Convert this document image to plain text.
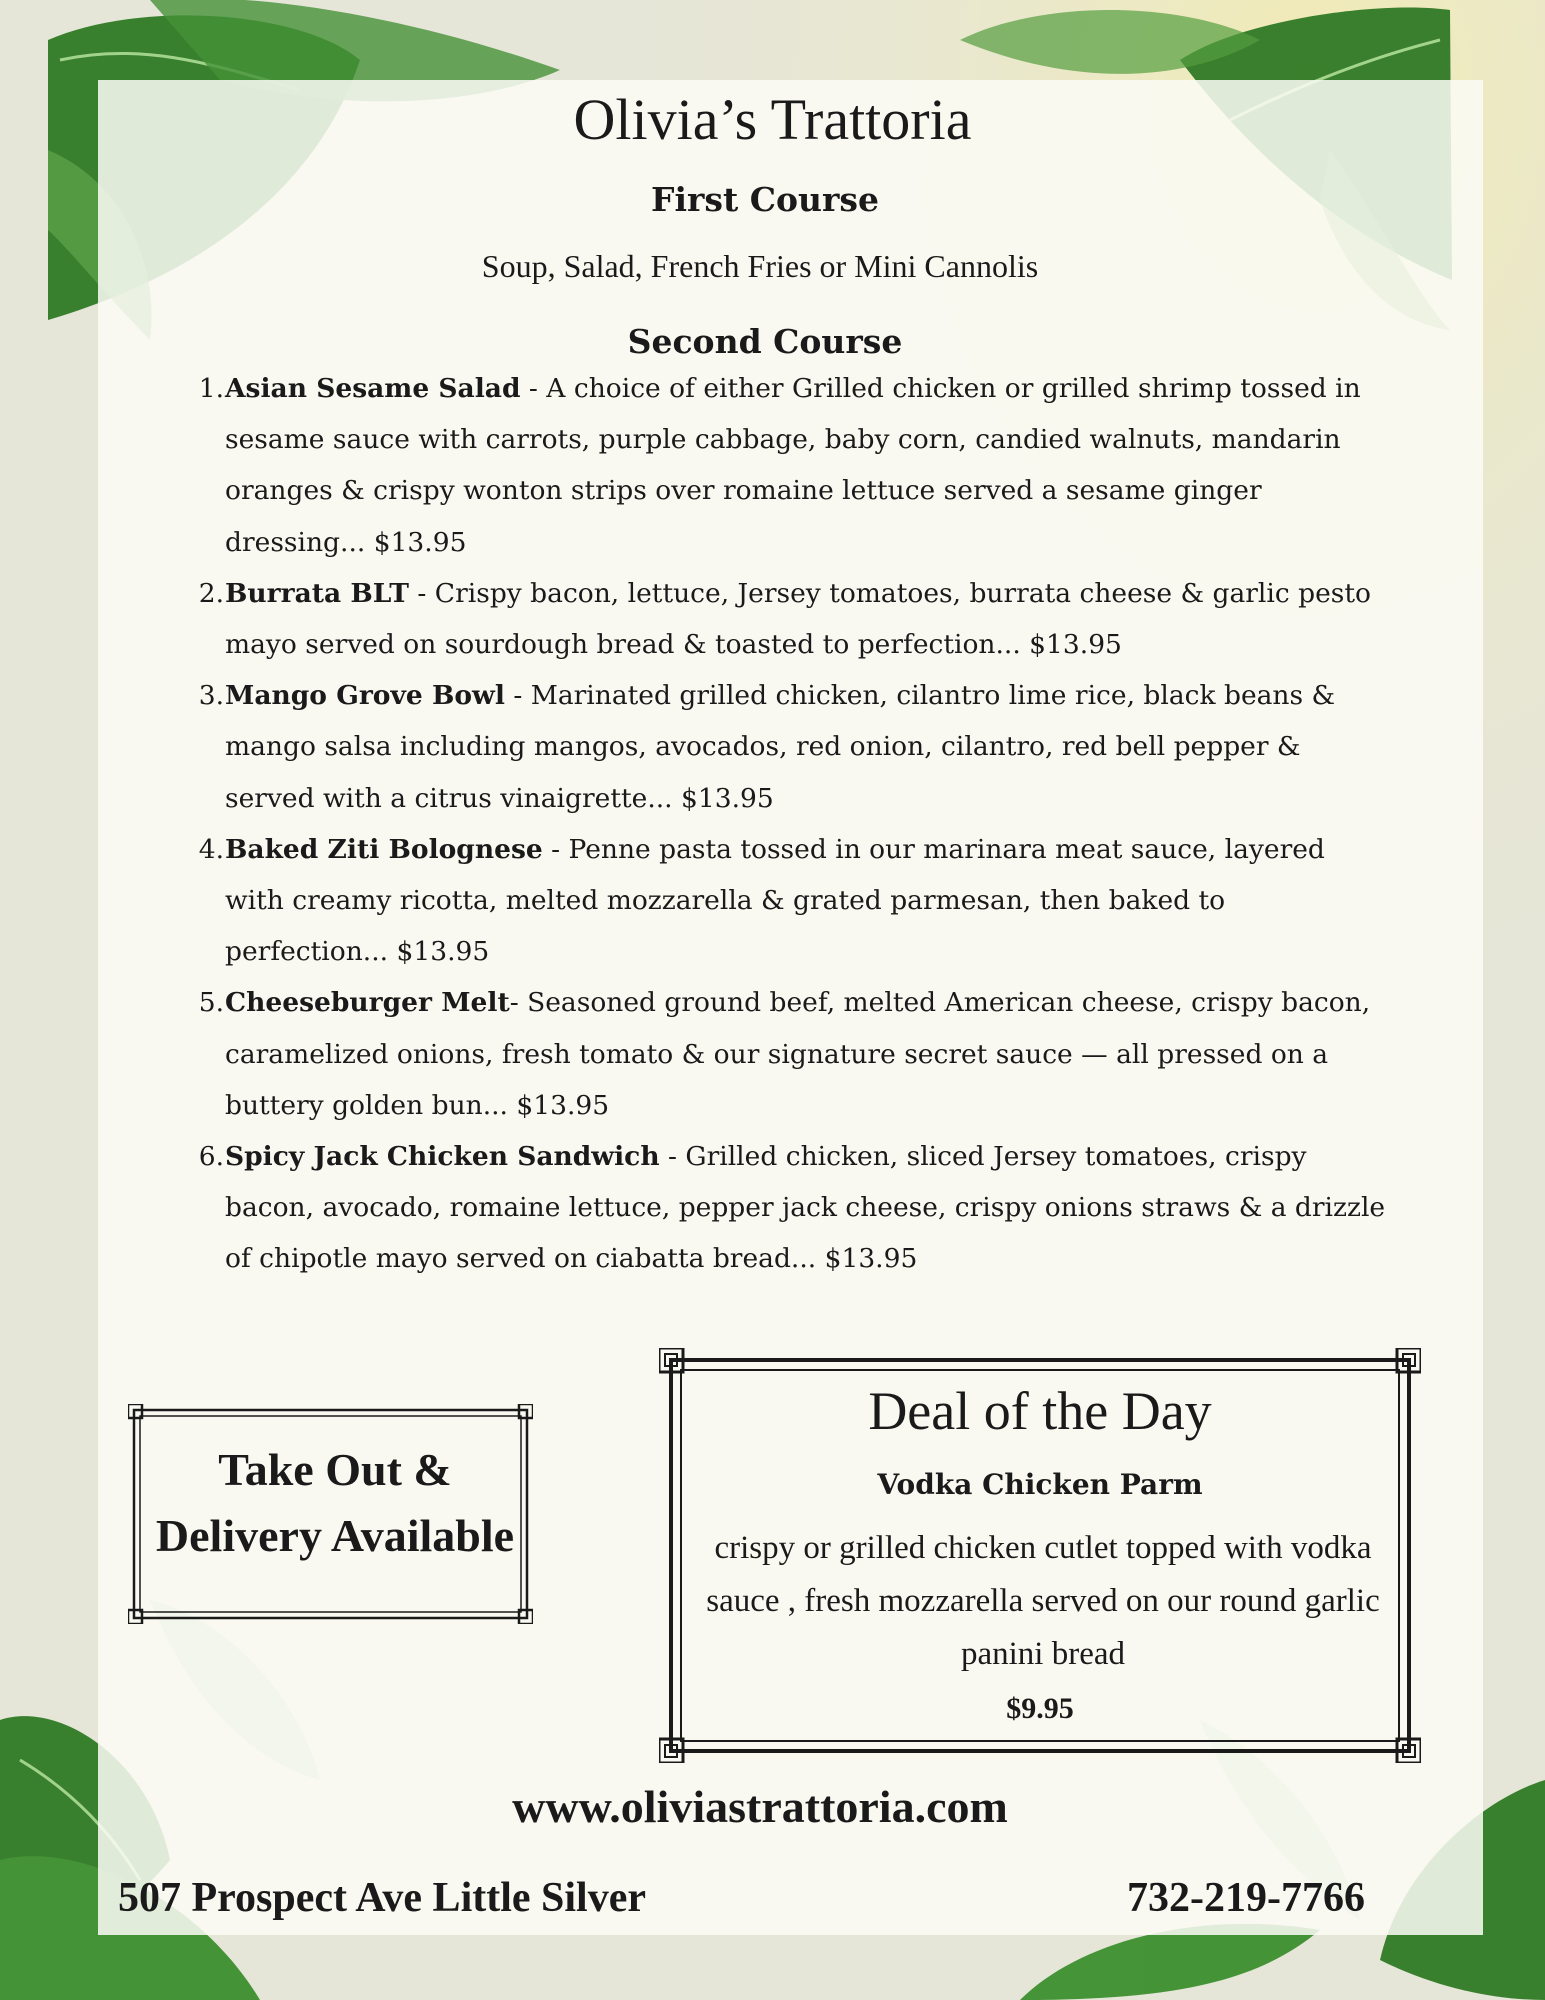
Olivia’s Trattoria
First Course
Soup, Salad, French Fries or Mini Cannolis
Second Course
1. Asian Sesame Salad - A choice of either Grilled chicken or grilled shrimp tossed in sesame sauce with carrots, purple cabbage, baby corn, candied walnuts, mandarin oranges & crispy wonton strips over romaine lettuce served a sesame ginger dressing... $13.95
2. Burrata BLT - Crispy bacon, lettuce, Jersey tomatoes, burrata cheese & garlic pesto mayo served on sourdough bread & toasted to perfection... $13.95
3. Mango Grove Bowl - Marinated grilled chicken, cilantro lime rice, black beans & mango salsa including mangos, avocados, red onion, cilantro, red bell pepper & served with a citrus vinaigrette... $13.95
4. Baked Ziti Bolognese - Penne pasta tossed in our marinara meat sauce, layered with creamy ricotta, melted mozzarella & grated parmesan, then baked to perfection... $13.95
5. Cheeseburger Melt- Seasoned ground beef, melted American cheese, crispy bacon, caramelized onions, fresh tomato & our signature secret sauce — all pressed on a buttery golden bun... $13.95
6. Spicy Jack Chicken Sandwich - Grilled chicken, sliced Jersey tomatoes, crispy bacon, avocado, romaine lettuce, pepper jack cheese, crispy onions straws & a drizzle of chipotle mayo served on ciabatta bread... $13.95
Take Out &
Delivery Available
Deal of the Day
Vodka Chicken Parm
crispy or grilled chicken cutlet topped with vodka sauce , fresh mozzarella served on our round garlic panini bread
$9.95
www.oliviastrattoria.com
507 Prospect Ave Little Silver	732-219-7766
